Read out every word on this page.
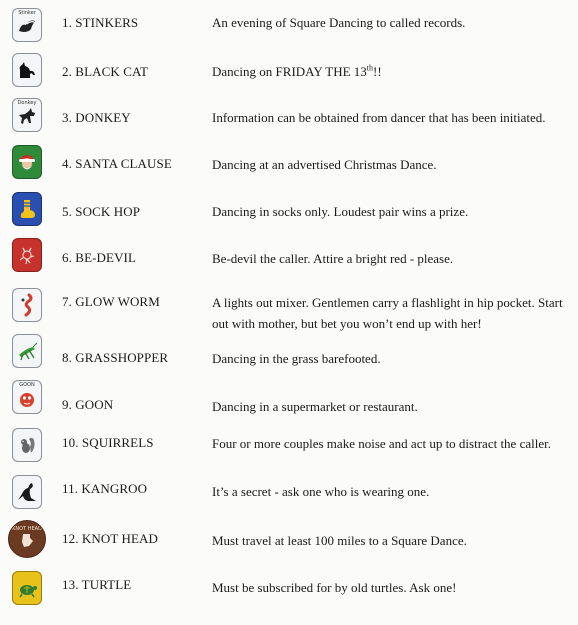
Stinker
1. STINKERS	An evening of Square Dancing to called records.
2. BLACK CAT	Dancing on FRIDAY THE 13th!!
Donkey
3. DONKEY	Information can be obtained from dancer that has been initiated.
4. SANTA CLAUSE	Dancing at an advertised Christmas Dance.
5. SOCK HOP	Dancing in socks only. Loudest pair wins a prize.
6. BE-DEVIL	Be-devil the caller. Attire a bright red - please.
7. GLOW WORM	A lights out mixer. Gentlemen carry a flashlight in hip pocket. Start out with mother, but bet you won’t end up with her!
8. GRASSHOPPER	Dancing in the grass barefooted.
GOON
9. GOON	Dancing in a supermarket or restaurant.
10. SQUIRRELS	Four or more couples make noise and act up to distract the caller.
11. KANGROO	It’s a secret - ask one who is wearing one.
KNOT HEAD
12. KNOT HEAD	Must travel at least 100 miles to a Square Dance.
13. TURTLE	Must be subscribed for by old turtles. Ask one!
